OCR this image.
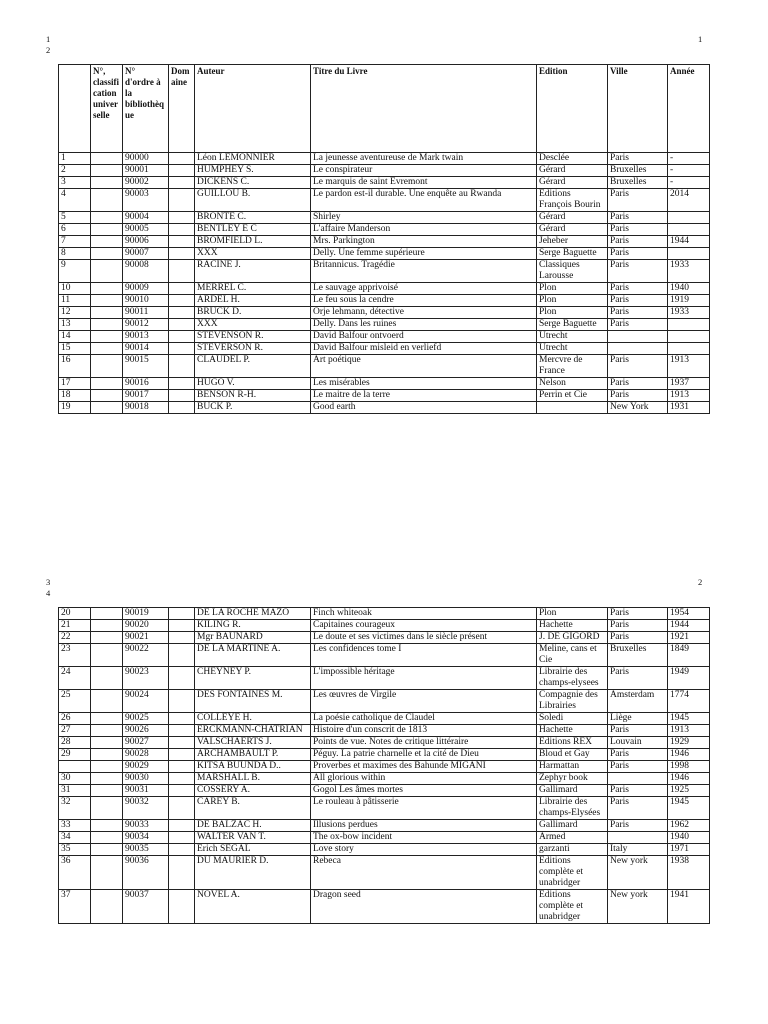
1
2
1
	N°, classification universelle	N° d'ordre à la bibliothèque	Domaine	Auteur	Titre du Livre	Edition	Ville	Année
1		90000		Léon LEMONNIER	La jeunesse aventureuse de Mark twain	Desclée	Paris	-
2		90001		HUMPHEY S.	Le conspirateur	Gérard	Bruxelles	-
3		90002		DICKENS C.	Le marquis de saint Evremont	Gérard	Bruxelles	-
4		90003		GUILLOU B.	Le pardon est-il durable. Une enquête au Rwanda	Editions François Bourin	Paris	2014
5		90004		BRONTE C.	Shirley	Gérard	Paris	
6		90005		BENTLEY E C	L'affaire Manderson	Gérard	Paris	
7		90006		BROMFIELD L.	Mrs. Parkington	Jeheber	Paris	1944
8		90007		XXX	Delly. Une femme supérieure	Serge Baguette	Paris	
9		90008		RACINE J.	Britannicus. Tragédie	Classiques Larousse	Paris	1933
10		90009		MERREL C.	Le sauvage apprivoisé	Plon	Paris	1940
11		90010		ARDEL H.	Le feu sous la cendre	Plon	Paris	1919
12		90011		BRUCK D.	Orje lehmann, détective	Plon	Paris	1933
13		90012		XXX	Delly. Dans les ruines	Serge Baguette	Paris	
14		90013		STEVENSON R.	David Balfour ontvoerd	Utrecht		
15		90014		STEVERSON R.	David Balfour misleid en verliefd	Utrecht		
16		90015		CLAUDEL P.	Art poétique	Mercvre de France	Paris	1913
17		90016		HUGO V.	Les misérables	Nelson	Paris	1937
18		90017		BENSON R-H.	Le maitre de la terre	Perrin et Cie	Paris	1913
19		90018		BUCK P.	Good earth		New York	1931
3
4
2
20		90019		DE LA ROCHE MAZO	Finch whiteoak	Plon	Paris	1954
21		90020		KILING R.	Capitaines courageux	Hachette	Paris	1944
22		90021		Mgr BAUNARD	Le doute et ses victimes dans le siècle présent	J. DE GIGORD	Paris	1921
23		90022		DE LA MARTINE A.	Les confidences tome I	Meline, cans et Cie	Bruxelles	1849
24		90023		CHEYNEY P.	L'impossible héritage	Librairie des champs-elysees	Paris	1949
25		90024		DES FONTAINES M.	Les œuvres de Virgile	Compagnie des Librairies	Amsterdam	1774
26		90025		COLLEYE H.	La poésie catholique de Claudel	Soledi	Liège	1945
27		90026		ERCKMANN-CHATRIAN	Histoire d'un conscrit de 1813	Hachette	Paris	1913
28		90027		VALSCHAERTS J.	Points de vue. Notes de critique littéraire	Editions REX	Louvain	1929
29		90028		ARCHAMBAULT P.	Péguy. La patrie charnelle et la cité de Dieu	Bloud et Gay	Paris	1946
		90029		KITSA BUUNDA D..	Proverbes et maximes des Bahunde MIGANI	Harmattan	Paris	1998
30		90030		MARSHALL B.	All glorious within	Zephyr book		1946
31		90031		COSSERY A.	Gogol Les âmes mortes	Gallimard	Paris	1925
32		90032		CAREY B.	Le rouleau à pâtisserie	Librairie des champs-Elysées	Paris	1945
33		90033		DE BALZAC H.	Illusions perdues	Gallimard	Paris	1962
34		90034		WALTER VAN T.	The ox-bow incident	Armed		1940
35		90035		Erich SEGAL	Love story	garzanti	Italy	1971
36		90036		DU MAURIER D.	Rebeca	Editions complète et unabridger	New york	1938
37		90037		NOVEL A.	Dragon seed	Editions complète et unabridger	New york	1941
